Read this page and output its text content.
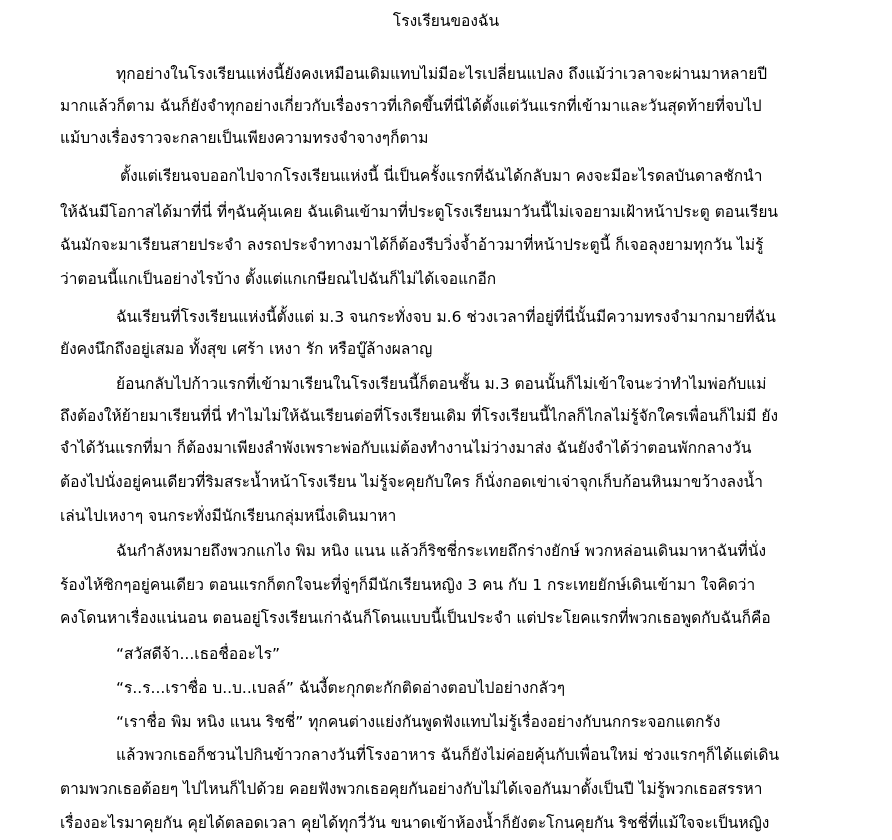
โรงเรียนของฉัน
ทุกอย่างในโรงเรียนแห่งนี้ยังคงเหมือนเดิมแทบไม่มีอะไรเปลี่ยนแปลง ถึงแม้ว่าเวลาจะผ่านมาหลายปี
มากแล้วก็ตาม ฉันก็ยังจำทุกอย่างเกี่ยวกับเรื่องราวที่เกิดขึ้นที่นี่ได้ตั้งแต่วันแรกที่เข้ามาและวันสุดท้ายที่จบไป
แม้บางเรื่องราวจะกลายเป็นเพียงความทรงจำจางๆก็ตาม
ตั้งแต่เรียนจบออกไปจากโรงเรียนแห่งนี้ นี่เป็นครั้งแรกที่ฉันได้กลับมา คงจะมีอะไรดลบันดาลชักนำ
ให้ฉันมีโอกาสได้มาที่นี่ ที่ๆฉันคุ้นเคย ฉันเดินเข้ามาที่ประตูโรงเรียนมาวันนี้ไม่เจอยามเฝ้าหน้าประตู ตอนเรียน
ฉันมักจะมาเรียนสายประจำ ลงรถประจำทางมาได้ก็ต้องรีบวิ่งจ้ำอ้าวมาที่หน้าประตูนี้ ก็เจอลุงยามทุกวัน ไม่รู้
ว่าตอนนี้แกเป็นอย่างไรบ้าง ตั้งแต่แกเกษียณไปฉันก็ไม่ได้เจอแกอีก
ฉันเรียนที่โรงเรียนแห่งนี้ตั้งแต่ ม.3 จนกระทั่งจบ ม.6 ช่วงเวลาที่อยู่ที่นี่นั้นมีความทรงจำมากมายที่ฉัน
ยังคงนึกถึงอยู่เสมอ ทั้งสุข เศร้า เหงา รัก หรือบู๊ล้างผลาญ
ย้อนกลับไปก้าวแรกที่เข้ามาเรียนในโรงเรียนนี้ก็ตอนชั้น ม.3 ตอนนั้นก็ไม่เข้าใจนะว่าทำไมพ่อกับแม่
ถึงต้องให้ย้ายมาเรียนที่นี่ ทำไมไม่ให้ฉันเรียนต่อที่โรงเรียนเดิม ที่โรงเรียนนี้ไกลก็ไกลไม่รู้จักใครเพื่อนก็ไม่มี ยัง
จำได้วันแรกที่มา ก็ต้องมาเพียงลำพังเพราะพ่อกับแม่ต้องทำงานไม่ว่างมาส่ง ฉันยังจำได้ว่าตอนพักกลางวัน
ต้องไปนั่งอยู่คนเดียวที่ริมสระน้ำหน้าโรงเรียน ไม่รู้จะคุยกับใคร ก็นั่งกอดเข่าเจ่าจุกเก็บก้อนหินมาขว้างลงน้ำ
เล่นไปเหงาๆ จนกระทั่งมีนักเรียนกลุ่มหนึ่งเดินมาหา
ฉันกำลังหมายถึงพวกแกไง พิม หนิง แนน แล้วก็ริชชี่กระเทยถึกร่างยักษ์ พวกหล่อนเดินมาหาฉันที่นั่ง
ร้องไห้ซิกๆอยู่คนเดียว ตอนแรกก็ตกใจนะที่จู่ๆก็มีนักเรียนหญิง 3 คน กับ 1 กระเทยยักษ์เดินเข้ามา ใจคิดว่า
คงโดนหาเรื่องแน่นอน ตอนอยู่โรงเรียนเก่าฉันก็โดนแบบนี้เป็นประจำ แต่ประโยคแรกที่พวกเธอพูดกับฉันก็คือ
“สวัสดีจ้า...เธอชื่ออะไร”
“ร..ร...เราชื่อ บ..บ..เบลล์” ฉันงี้ตะกุกตะกักติดอ่างตอบไปอย่างกลัวๆ
“เราชื่อ พิม หนิง แนน ริชชี่” ทุกคนต่างแย่งกันพูดฟังแทบไม่รู้เรื่องอย่างกับนกกระจอกแตกรัง
แล้วพวกเธอก็ชวนไปกินข้าวกลางวันที่โรงอาหาร ฉันก็ยังไม่ค่อยคุ้นกับเพื่อนใหม่ ช่วงแรกๆก็ได้แต่เดิน
ตามพวกเธอต้อยๆ ไปไหนก็ไปด้วย คอยฟังพวกเธอคุยกันอย่างกับไม่ได้เจอกันมาตั้งเป็นปี ไม่รู้พวกเธอสรรหา
เรื่องอะไรมาคุยกัน คุยได้ตลอดเวลา คุยได้ทุกวี่วัน ขนาดเข้าห้องน้ำก็ยังตะโกนคุยกัน ริชชี่ที่แม้ใจจะเป็นหญิง
